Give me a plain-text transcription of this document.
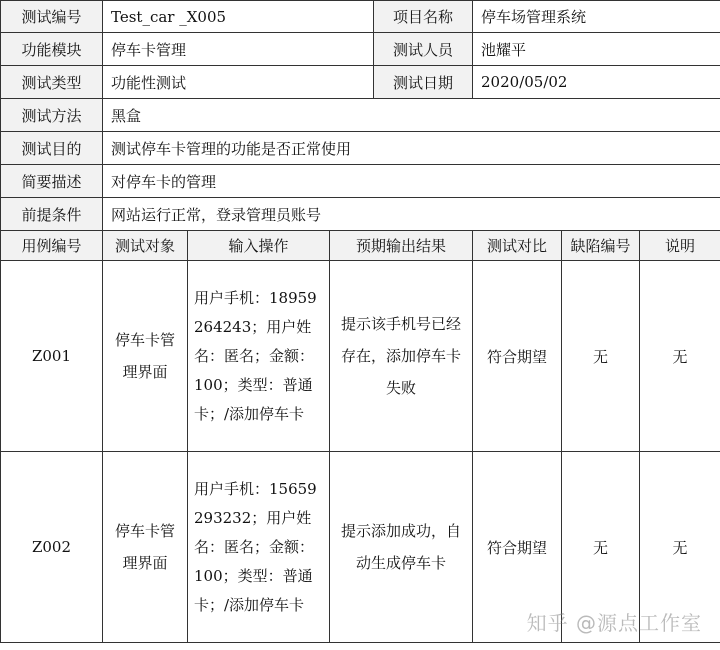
测试编号	Test_car _X005			项目名称	停车场管理系统		
功能模块	停车卡管理			测试人员	池耀平		
测试类型	功能性测试			测试日期	2020/05/02		
测试方法	黑盒						
测试目的	测试停车卡管理的功能是否正常使用						
简要描述	对停车卡的管理						
前提条件	网站运行正常，登录管理员账号						
用例编号	测试对象	输入操作	预期输出结果		测试对比	缺陷编号	说明
Z001	停车卡管理界面	用户手机：18959264243；用户姓名：匿名；金额：100；类型：普通卡；/添加停车卡	提示该手机号已经存在，添加停车卡失败		符合期望	无	无
Z002	停车卡管理界面	用户手机：15659293232；用户姓名：匿名；金额：100；类型：普通卡；/添加停车卡	提示添加成功，自动生成停车卡		符合期望	无	无
知乎 @源点工作室
